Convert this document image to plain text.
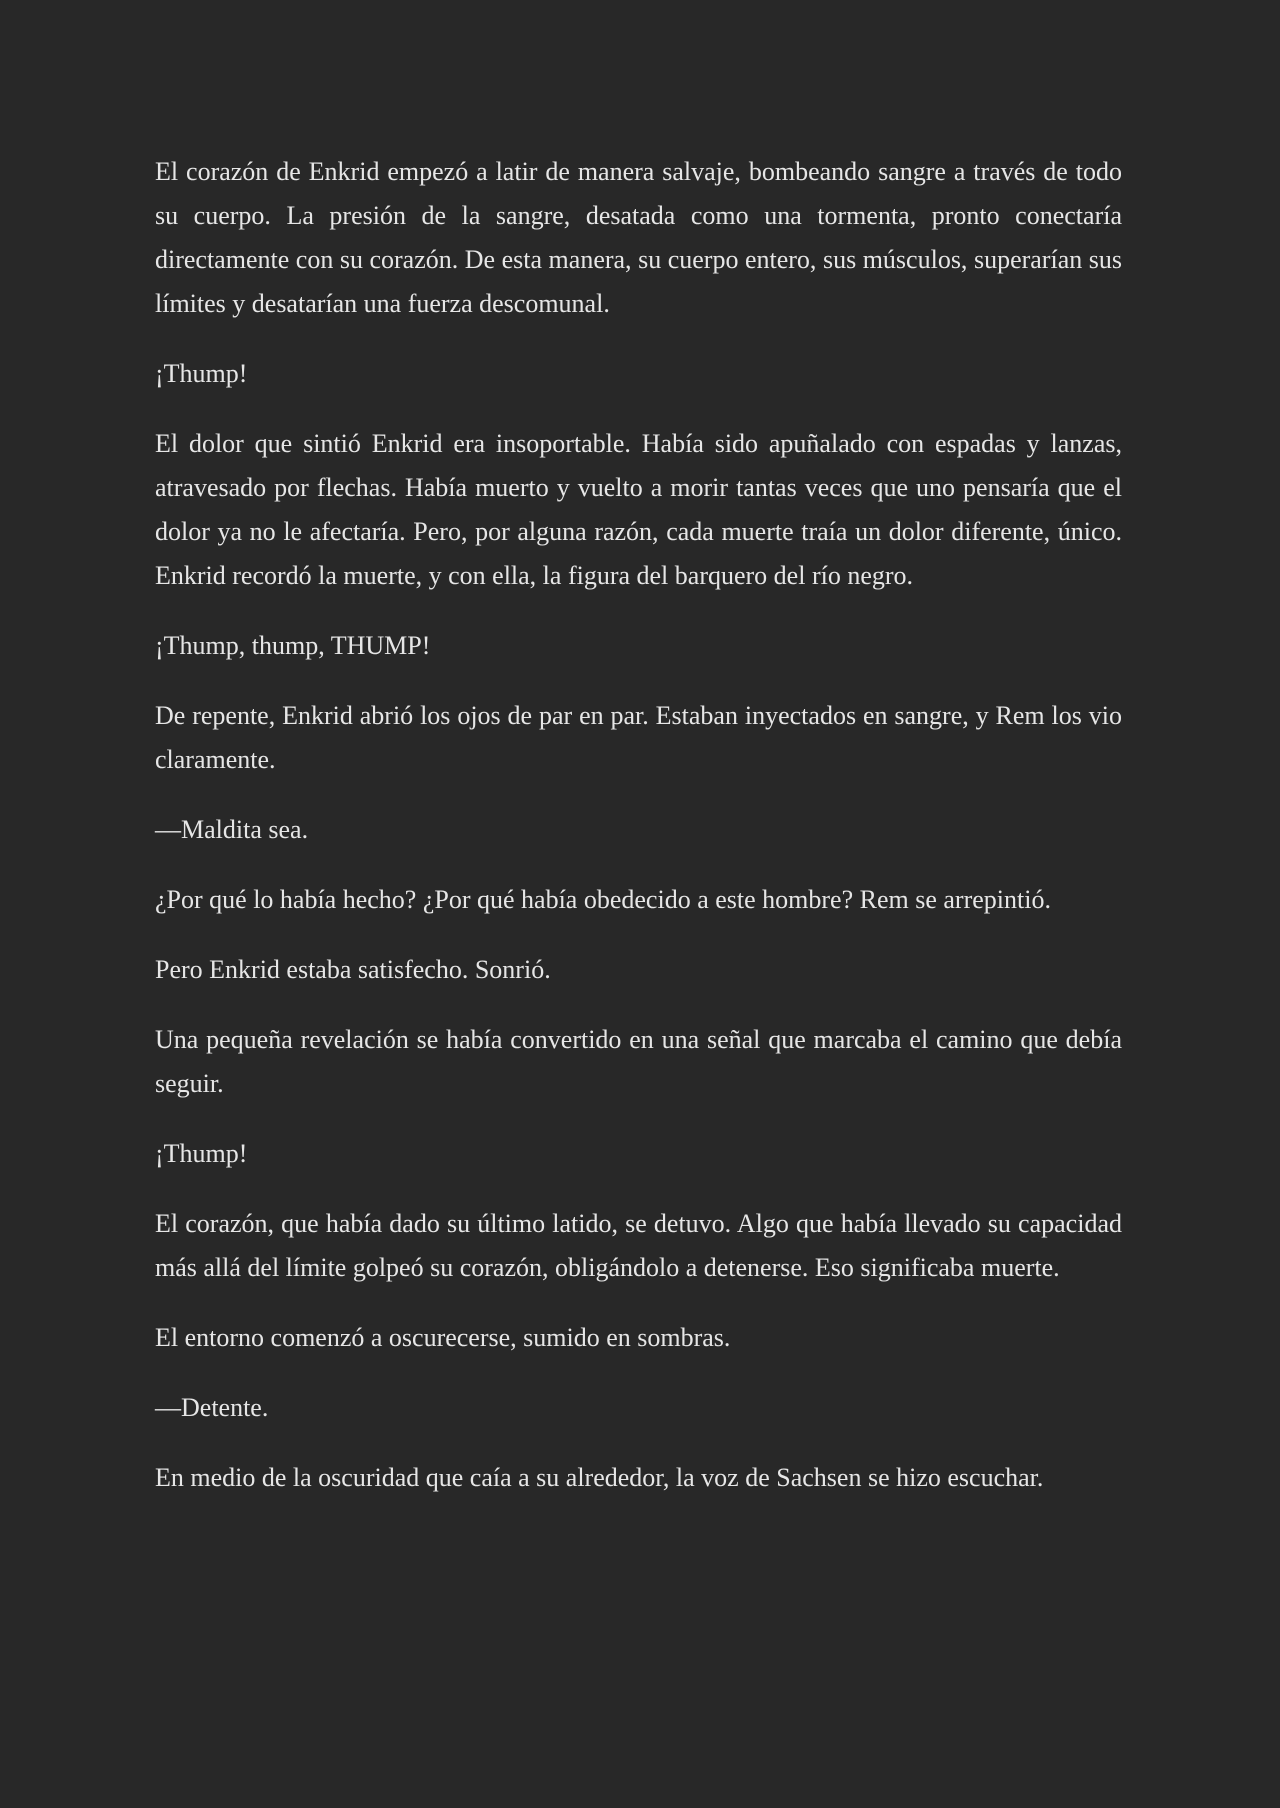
El corazón de Enkrid empezó a latir de manera salvaje, bombeando sangre a través de todo su cuerpo. La presión de la sangre, desatada como una tormenta, pronto conectaría directamente con su corazón. De esta manera, su cuerpo entero, sus músculos, superarían sus límites y desatarían una fuerza descomunal.

¡Thump!

El dolor que sintió Enkrid era insoportable. Había sido apuñalado con espadas y lanzas, atravesado por flechas. Había muerto y vuelto a morir tantas veces que uno pensaría que el dolor ya no le afectaría. Pero, por alguna razón, cada muerte traía un dolor diferente, único. Enkrid recordó la muerte, y con ella, la figura del barquero del río negro.

¡Thump, thump, THUMP!

De repente, Enkrid abrió los ojos de par en par. Estaban inyectados en sangre, y Rem los vio claramente.

—Maldita sea.

¿Por qué lo había hecho? ¿Por qué había obedecido a este hombre? Rem se arrepintió.

Pero Enkrid estaba satisfecho. Sonrió.

Una pequeña revelación se había convertido en una señal que marcaba el camino que debía seguir.

¡Thump!

El corazón, que había dado su último latido, se detuvo. Algo que había llevado su capacidad más allá del límite golpeó su corazón, obligándolo a detenerse. Eso significaba muerte.

El entorno comenzó a oscurecerse, sumido en sombras.

—Detente.

En medio de la oscuridad que caía a su alrededor, la voz de Sachsen se hizo escuchar.
